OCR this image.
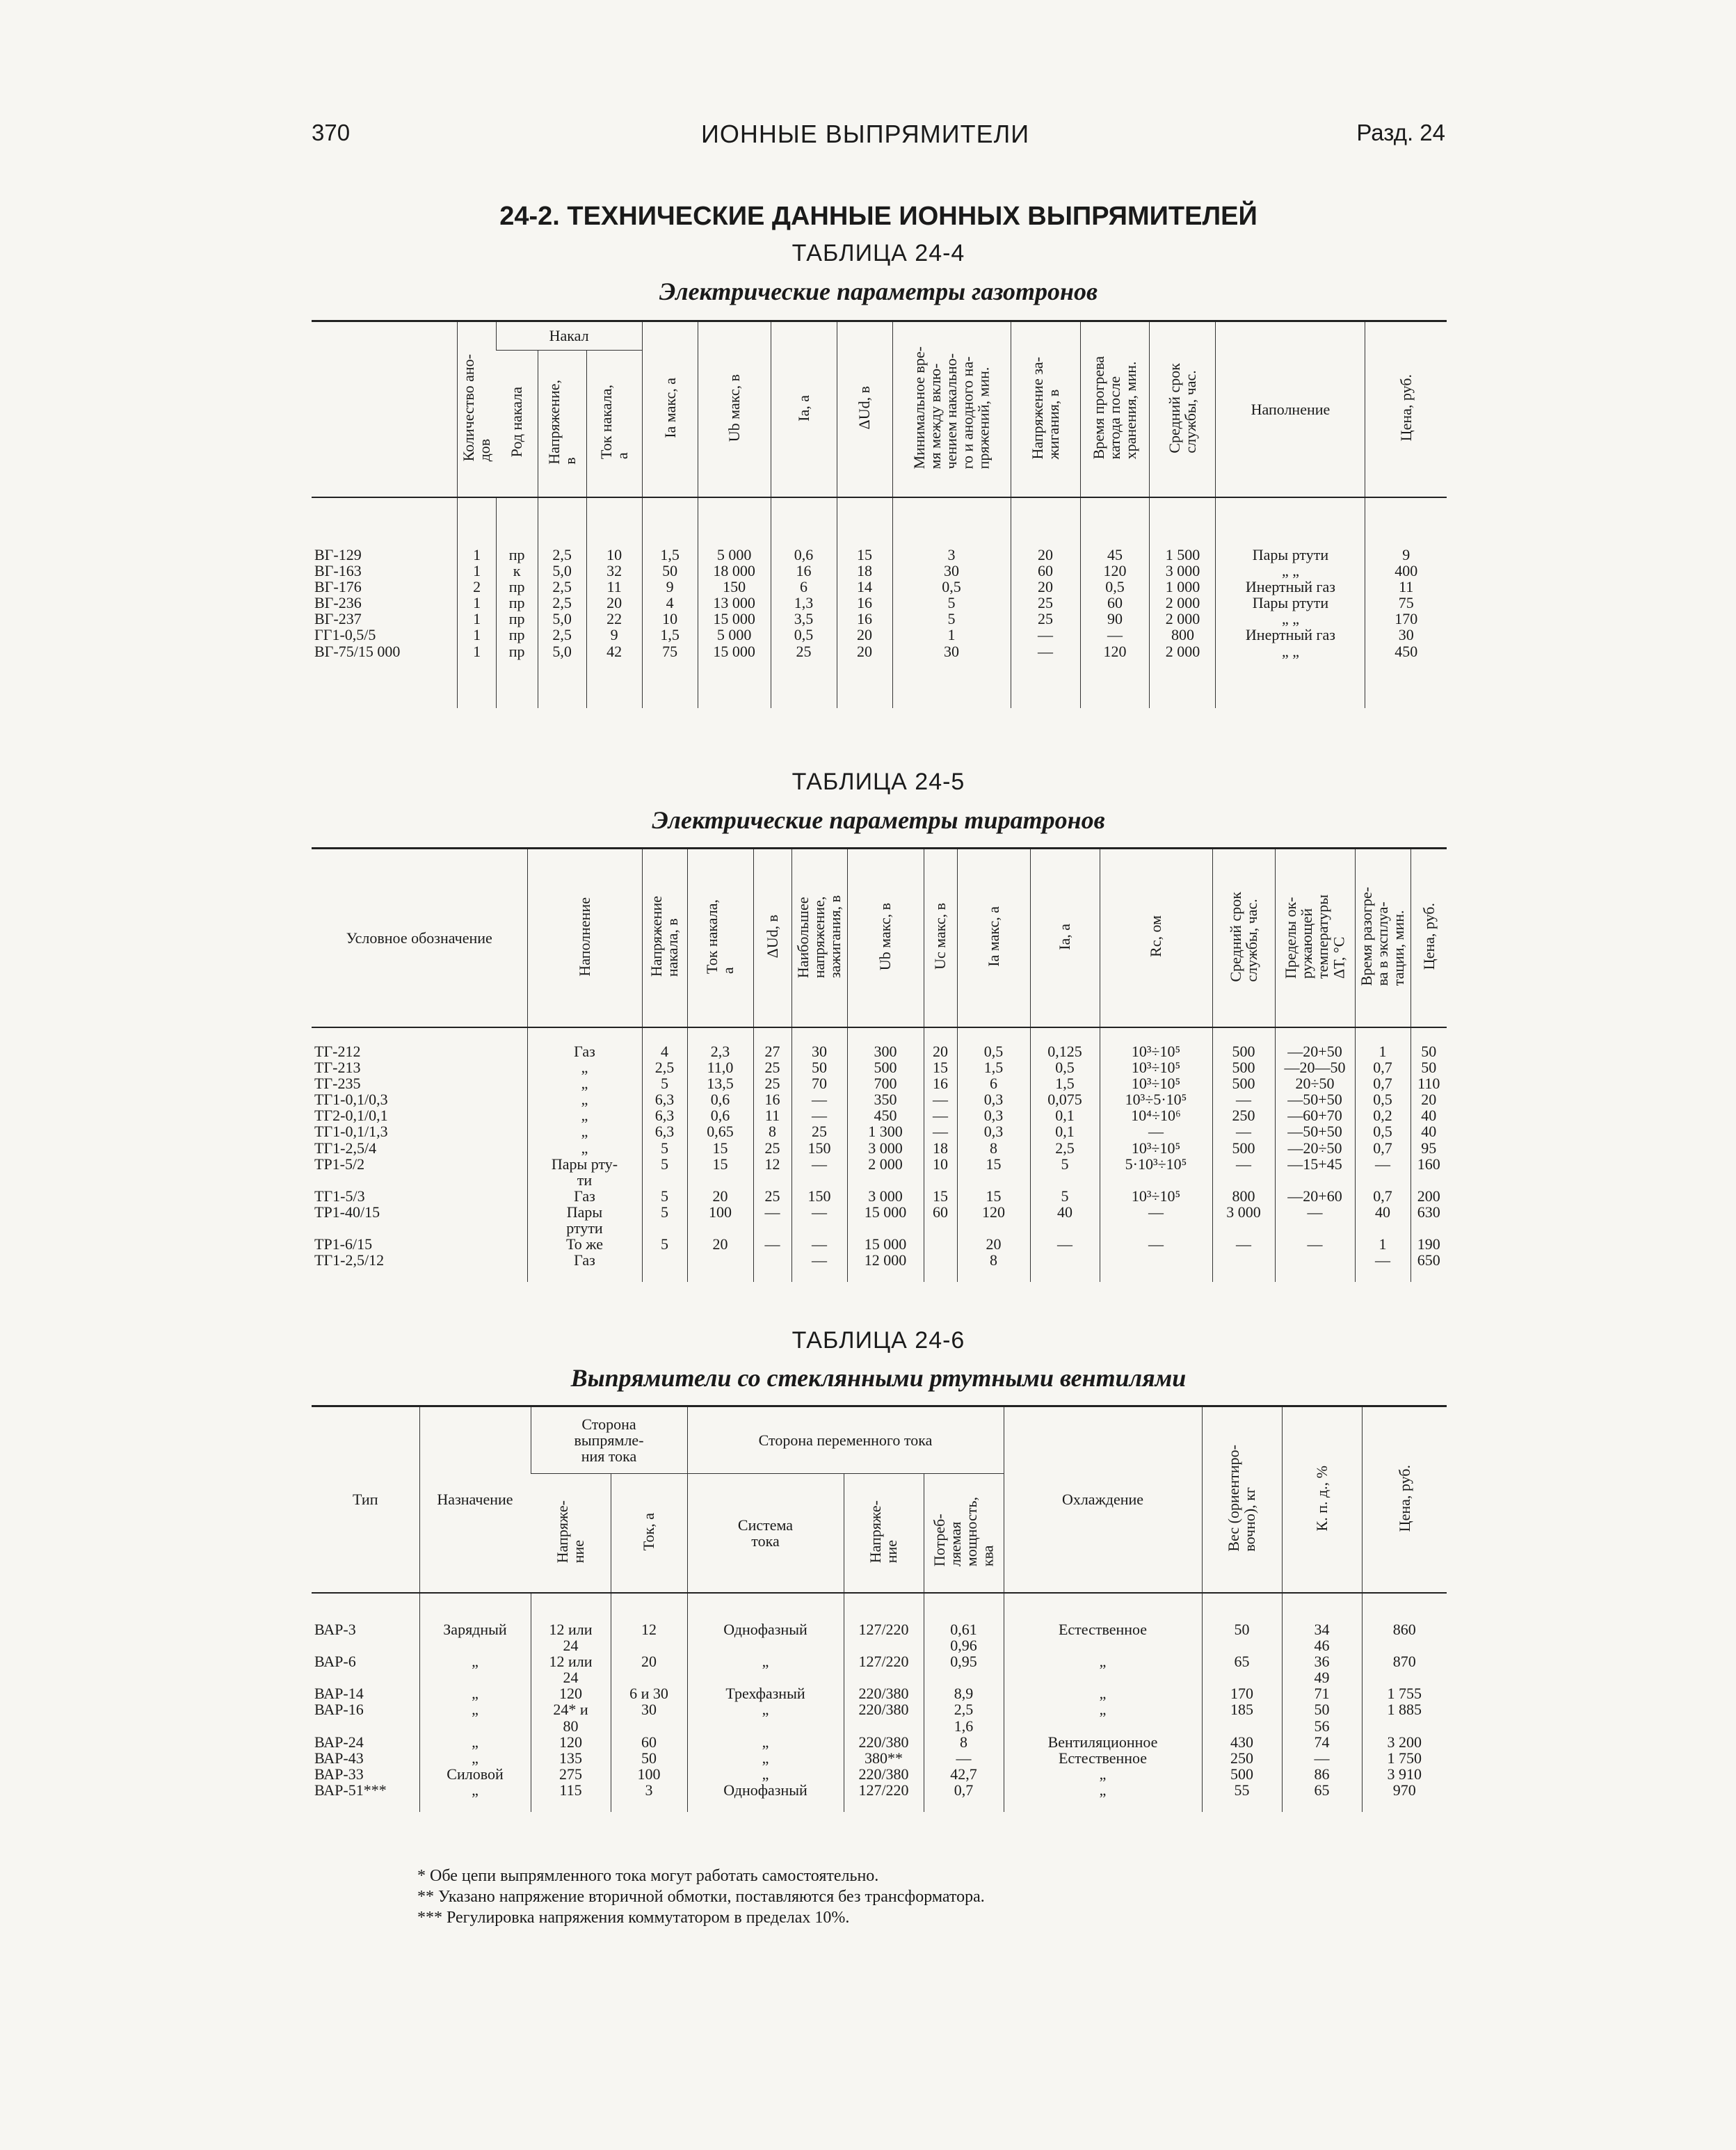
370	ИОННЫЕ ВЫПРЯМИТЕЛИ	Разд. 24
24-2. ТЕХНИЧЕСКИЕ ДАННЫЕ ИОННЫХ ВЫПРЯМИТЕЛЕЙ
ТАБЛИЦА 24-4
Электрические параметры газотронов
	Количество ано-
дов	Накал			Iа макс, а	Ub макс, в	Iа, а	ΔUd, в	Минимальное вре-
мя между вклю-
чением накально-
го и анодного на-
пряжений, мин.	Напряжение за-
жигания, в	Время прогрева
катода после
хранения, мин.	Средний срок
службы, час.	Наполнение	Цена, руб.
		Род накала	Напряжение,
в	Ток накала,
а										

ВГ-129	1	пр	2,5	10	1,5	5 000	0,6	15	3	20	45	1 500	Пары ртути	9
ВГ-163	1	к	5,0	32	50	18 000	16	18	30	60	120	3 000	„ „	400
ВГ-176	2	пр	2,5	11	9	150	6	14	0,5	20	0,5	1 000	Инертный газ	11
ВГ-236	1	пр	2,5	20	4	13 000	1,3	16	5	25	60	2 000	Пары ртути	75
ВГ-237	1	пр	5,0	22	10	15 000	3,5	16	5	25	90	2 000	„ „	170
ГГ1-0,5/5	1	пр	2,5	9	1,5	5 000	0,5	20	1	—	—	800	Инертный газ	30
ВГ-75/15 000	1	пр	5,0	42	75	15 000	25	20	30	—	120	2 000	„ „	450

ТАБЛИЦА 24-5
Электрические параметры тиратронов
Условное обозначение	Наполнение	Напряжение
накала, в	Ток накала,
а	ΔUd, в	Наибольшее
напряжение,
зажигания, в	Ub макс, в	Uc макс, в	Iа макс, а	Iа, а	Rc, ом	Средний срок
службы, час.	Пределы ок-
ружающей
температуры
ΔT, °С	Время разогре-
ва в эксплуа-
тации, мин.	Цена, руб.

ТГ-212	Газ	4	2,3	27	30	300	20	0,5	0,125	10³÷10⁵	500	—20+50	1	50
ТГ-213	„	2,5	11,0	25	50	500	15	1,5	0,5	10³÷10⁵	500	—20—50	0,7	50
ТГ-235	„	5	13,5	25	70	700	16	6	1,5	10³÷10⁵	500	20÷50	0,7	110
ТГ1-0,1/0,3	„	6,3	0,6	16	—	350	—	0,3	0,075	10³÷5·10⁵	—	—50+50	0,5	20
ТГ2-0,1/0,1	„	6,3	0,6	11	—	450	—	0,3	0,1	10⁴÷10⁶	250	—60+70	0,2	40
ТГ1-0,1/1,3	„	6,3	0,65	8	25	1 300	—	0,3	0,1	—	—	—50+50	0,5	40
ТГ1-2,5/4	„	5	15	25	150	3 000	18	8	2,5	10³÷10⁵	500	—20÷50	0,7	95
ТР1-5/2	Пары рту-
ти	5	15	12	—	2 000	10	15	5	5·10³÷10⁵	—	—15+45	—	160
ТГ1-5/3	Газ	5	20	25	150	3 000	15	15	5	10³÷10⁵	800	—20+60	0,7	200
ТР1-40/15	Пары
ртути	5	100	—	—	15 000	60	120	40	—	3 000	—	40	630
ТР1-6/15	То же	5	20	—	—	15 000		20	—	—	—	—	1	190
ТГ1-2,5/12	Газ				—	12 000		8					—	650

ТАБЛИЦА 24-6
Выпрямители со стеклянными ртутными вентилями
Тип	Назначение	Сторона
выпрямле-
ния тока		Сторона переменного тока			Охлаждение	Вес (ориентиро-
вочно), кг	К. п. д., %	Цена, руб.
		Напряже-
ние	Ток, а	Система
тока	Напряже-
ние	Потреб-
ляемая
мощность,
ква				

ВАР-3	Зарядный	12 или
24	12	Однофазный	127/220	0,61
0,96	Естественное	50	34
46	860
ВАР-6	„	12 или
24	20	„	127/220	0,95	„	65	36
49	870
ВАР-14	„	120	6 и 30	Трехфазный	220/380	8,9	„	170	71	1 755
ВАР-16	„	24* и
80	30	„	220/380	2,5
1,6	„	185	50
56	1 885
ВАР-24	„	120	60	„	220/380	8	Вентиляционное	430	74	3 200
ВАР-43	„	135	50	„	380**	—	Естественное	250	—	1 750
ВАР-33	Силовой	275	100	„	220/380	42,7	„	500	86	3 910
ВАР-51***	„	115	3	Однофазный	127/220	0,7	„	55	65	970

* Обе цепи выпрямленного тока могут работать самостоятельно.
** Указано напряжение вторичной обмотки, поставляются без трансформатора.
*** Регулировка напряжения коммутатором в пределах 10%.
